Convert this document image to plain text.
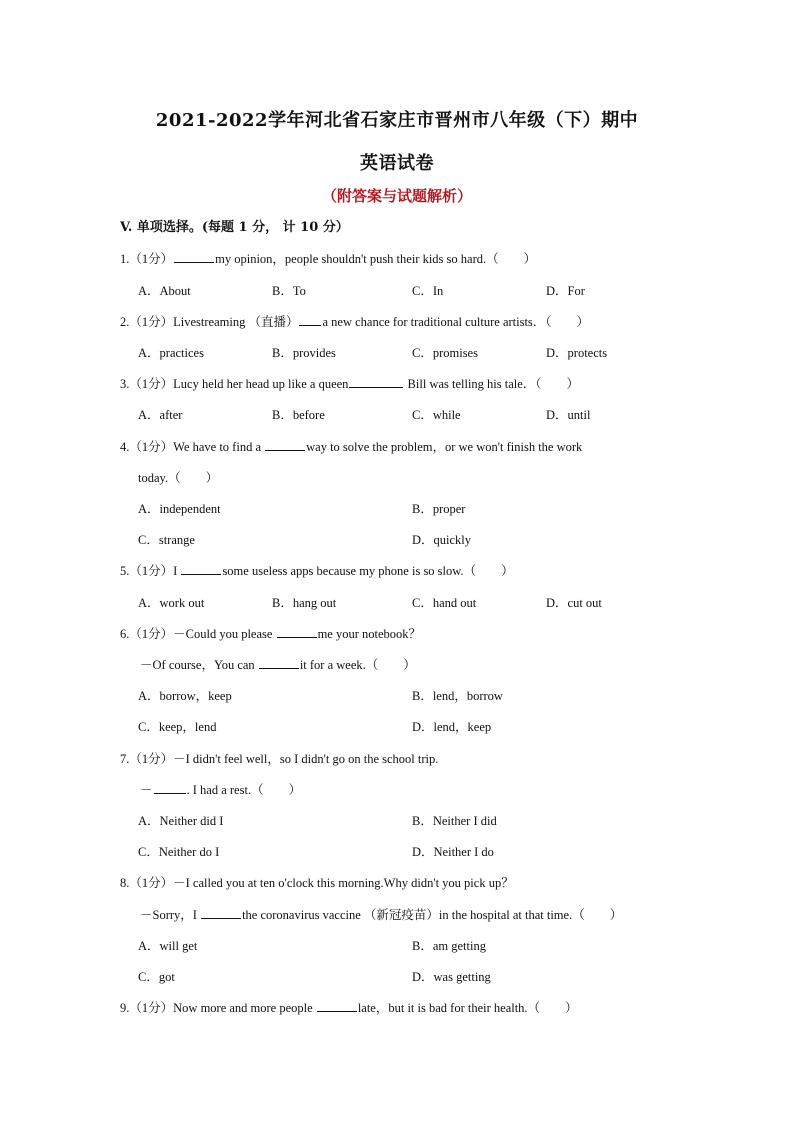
2021-2022学年河北省石家庄市晋州市八年级（下）期中
英语试卷
（附答案与试题解析）
V. 单项选择。(每题 1 分， 计 10 分）
1.（1分）	my opinion，people shouldn't push their kids so hard.（　　）
A．About	B．To	C．In	D．For
2.（1分）Livestreaming （直播） a new chance for traditional culture artists．（　　）
A．practices	B．provides	C．promises	D．protects
3.（1分）Lucy held her head up like a queen	Bill was telling his tale．（　　）
A．after	B．before	C．while	D．until
4.（1分）We have to find a	way to solve the problem，or we won't finish the work
today.（　　）
A．independent	B．proper
C．strange	D．quickly
5.（1分）I	some useless apps because my phone is so slow.（　　）
A．work out	B．hang out	C．hand out	D．cut out
6.（1分）－Could you please	me your notebook？
－Of course，You can	it for a week.（　　）
A．borrow，keep	B．lend，borrow
C．keep，lend	D．lend，keep
7.（1分）－I didn't feel well，so I didn't go on the school trip.
－	. I had a rest.（　　）
A．Neither did I	B．Neither I did
C．Neither do I	D．Neither I do
8.（1分）－I called you at ten o'clock this morning.Why didn't you pick up？
－Sorry，I	the coronavirus vaccine （新冠疫苗）in the hospital at that time.（　　）
A．will get	B．am getting
C．got	D．was getting
9.（1分）Now more and more people	late，but it is bad for their health.（　　）
